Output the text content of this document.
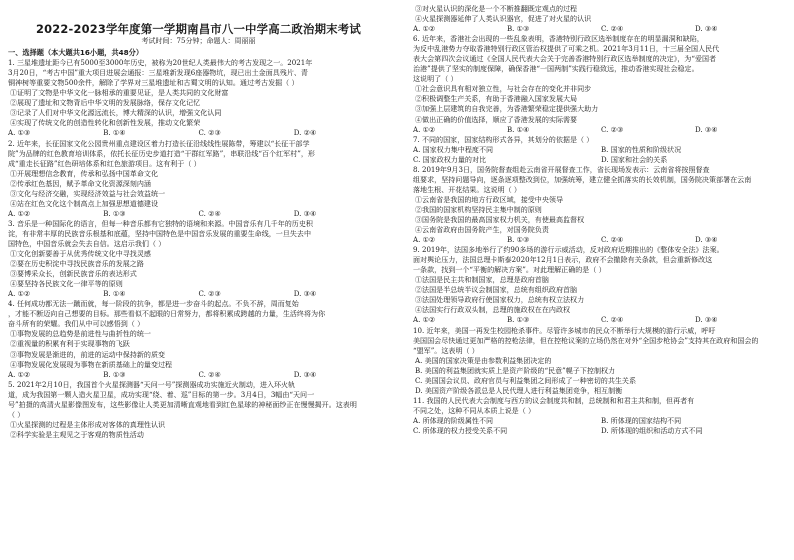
2022-2023学年度第一学期南昌市八一中学高二政治期末考试
考试时间：75分钟；命题人：周丽丽
一、选择题（本大题共16小题，共48分）
1. 三星堆遗址距今已有5000至3000年历史，被称为20世纪人类最伟大的考古发现之一。2021年
3月20日，“考古中国”重大项目进展会通报：三星堆新发现6座器物坑，现已出土金面具残片、青
铜神树等重要文物500余件，解除了学界对三星堆遗址和古蜀文明的认知。通过考古发掘（ ）
①证明了文物是中华文化一脉相承的重要见证，是人类共同的文化财富
②展现了遗址和文物背后中华文明的发展脉络，保存文化记忆
③记录了人们对中华文化源远流长，博大精深的认识，增强文化认同
④实现了传统文化的创造性转化和创新性发展，推动文化繁荣
A. ①③	B. ①④	C. ②③	D. ②④
2. 近年来，长征国家文化公园贵州重点建设区着力打造长征沿线线性展陈带，筹建以“长征干部学
院”为品牌的红色教育培训体系，依托长征历史步道打造“干群红军路”，串联沿线“百个红军村”，形
成“重走长征路”红色研培体系和红色旅游项目。这有利于（ ）
①开展理想信念教育，传承和弘扬中国革命文化
②传承红色基因，赋予革命文化资源深刻内涵
③文化与经济交融，实现经济效益与社会效益统一
④站在红色文化这个制高点上加强思想道德建设
A. ①②	B. ①③	C. ②④	D. ③④
3. 音乐是一种国际化的语言，但每一种音乐都有它独特的语境和来源。中国音乐有几千年的历史积
淀，有非常丰厚的民族音乐根基和底蕴，坚持中国特色是中国音乐发展的重要生命线，一旦失去中
国特色，中国音乐就会失去自信。这启示我们（ ）
①文化创新要善于从优秀传统文化中寻找灵感
②要在历史积淀中寻找民族音乐的发展之路
③要博采众长，创新民族音乐的表达形式
④要坚持各民族文化一律平等的原则
A. ①②	B. ①④	C. ②③	D. ③④
4. 任何成功都无法一蹴而就，每一阶段的抗争，都是进一步奋斗的起点。不负不辞，周而复始
，才能不断迈向自己想要的目标。那些看似不起眼的日常努力，都将积累成跨越的力量，生活终将为你
奋斗所有的荣耀。我们从中可以感悟到（ ）
①事物发展的总趋势是前进性与曲折性的统一
②重视量的积累有利于实现事物的飞跃
③事物发展是渐进的，前进的运动中保持新的质变
④事物发展化发展现为事物在新质基础上的量变过程
A. ①②	B. ①③	C. ②④	D. ③④
5. 2021年2月10日，我国首个火星探测器“天问一号”探测器成功实施近火制动，进入环火轨
道，成为我国第一颗人造火星卫星，成功实现“绕、着、巡”目标的第一步。3月4日，3幅由“天问一
号”拍摄的高清火星影像图发布，这些影像让人类更加清晰直观地看到红色星球的神秘面纱正在慢慢揭开。这表明
（ ）
①火星探测的过程是主体形成对客体的真理性认识
②科学实验是主观见之于客观的物质性活动
③对火星认识的深化是一个不断推翻既定观点的过程
④火星探测器延伸了人类认识器官，促进了对火星的认识
A. ①②	B. ①③	C. ②④	D. ③④
6. 近年来，香港社会出现的一些乱象表明，香港特别行政区选举制度存在的明显漏洞和缺陷，
为反中乱港势力夺取香港特别行政区管治权提供了可乘之机。2021年3月11日，十三届全国人民代
表大会第四次会议通过《全国人民代表大会关于完善香港特别行政区选举制度的决定》，为“爱国者
治港”提供了坚实的制度保障，确保香港“一国两制”实践行稳致远，推动香港实现社会稳定。
这说明了（ ）
①社会意识具有相对独立性，与社会存在的变化并非同步
②积极调整生产关系，有助于香港融入国家发展大局
③加强上层建筑的自我完善，为香港繁荣稳定提供强大助力
④做出正确的价值选择，顺应了香港发展的实际需要
A. ①②	B. ①④	C. ②③	D. ③④
7. 不同的国家，国家结构形式各异，其划分的依据是（ ）
A. 国家权力集中程度不同	B. 国家的性质和阶级状况
C. 国家政权力量的对比	D. 国家和社会的关系
8. 2019年9月3日，国务院督查组赴云南省开展督查工作，省长现场发表示：云南省将按照督查
组要求，坚持问题导向，逐条逐项整改到位，加强统筹，建立健全抓落实的长效机制，国务院决策部署在云南
落地生根、开花结果。这说明（ ）
①云南省是我国的地方行政区域，接受中央领导
②我国的国家机构坚持民主集中制的原则
③国务院是我国的最高国家权力机关，有使最高监督权
④云南省政府由国务院产生，对国务院负责
A. ①②	B. ①③	C. ②④	D. ③④
9. 2019年，法国多地举行了约90多场的游行示威活动，反对政府近期推出的《整体安全法》法案。
面对舆论压力，法国总理卡斯泰2020年12月1日表示，政府不会撤除有关条款，但会重新修改这
一条款，找到一个“平衡的解决方案”。对此理解正确的是（ ）
①法国是民主共和制国家，总理是政府首脑
②法国是半总统半议会制国家，总统有组织政府首脑
③法国处理领导政府行使国家权力，总统有权立法权力
④法国实行行政双头制，总理的施政权在在内政权
A. ①②	B. ①③	C. ②④	D. ③④
10. 近年来，美国一再发生校园枪杀事件。尽管许多城市的民众不断举行大规模的游行示威，呼吁
美国国会尽快通过更加严格的控枪法律，但在控枪议案的立场仍然在对外“全国步枪协会”支持其在政府和国会的
“盟军”。这表明（ ）
A. 美国的国家决策是由参数利益集团决定的
B. 美国的利益集团就实质上是资产阶级的“民意”幌子下控制权力
C. 美国国会议员、政府官员与利益集团之间形成了一种密切的共生关系
D. 美国资产阶级各派总是人民代理人进行利益集团竞争，相互制衡
11. 我国的人民代表大会制度与西方的议会制度共和制，总统制和和君主共和制，但再者有
不同之处，这种不同从本质上说是（ ）
A. 所体现的阶级属性不同	B. 所体现的国家结构不同
C. 所体现的权力授受关系不同	D. 所体现的组织和活动方式不同
